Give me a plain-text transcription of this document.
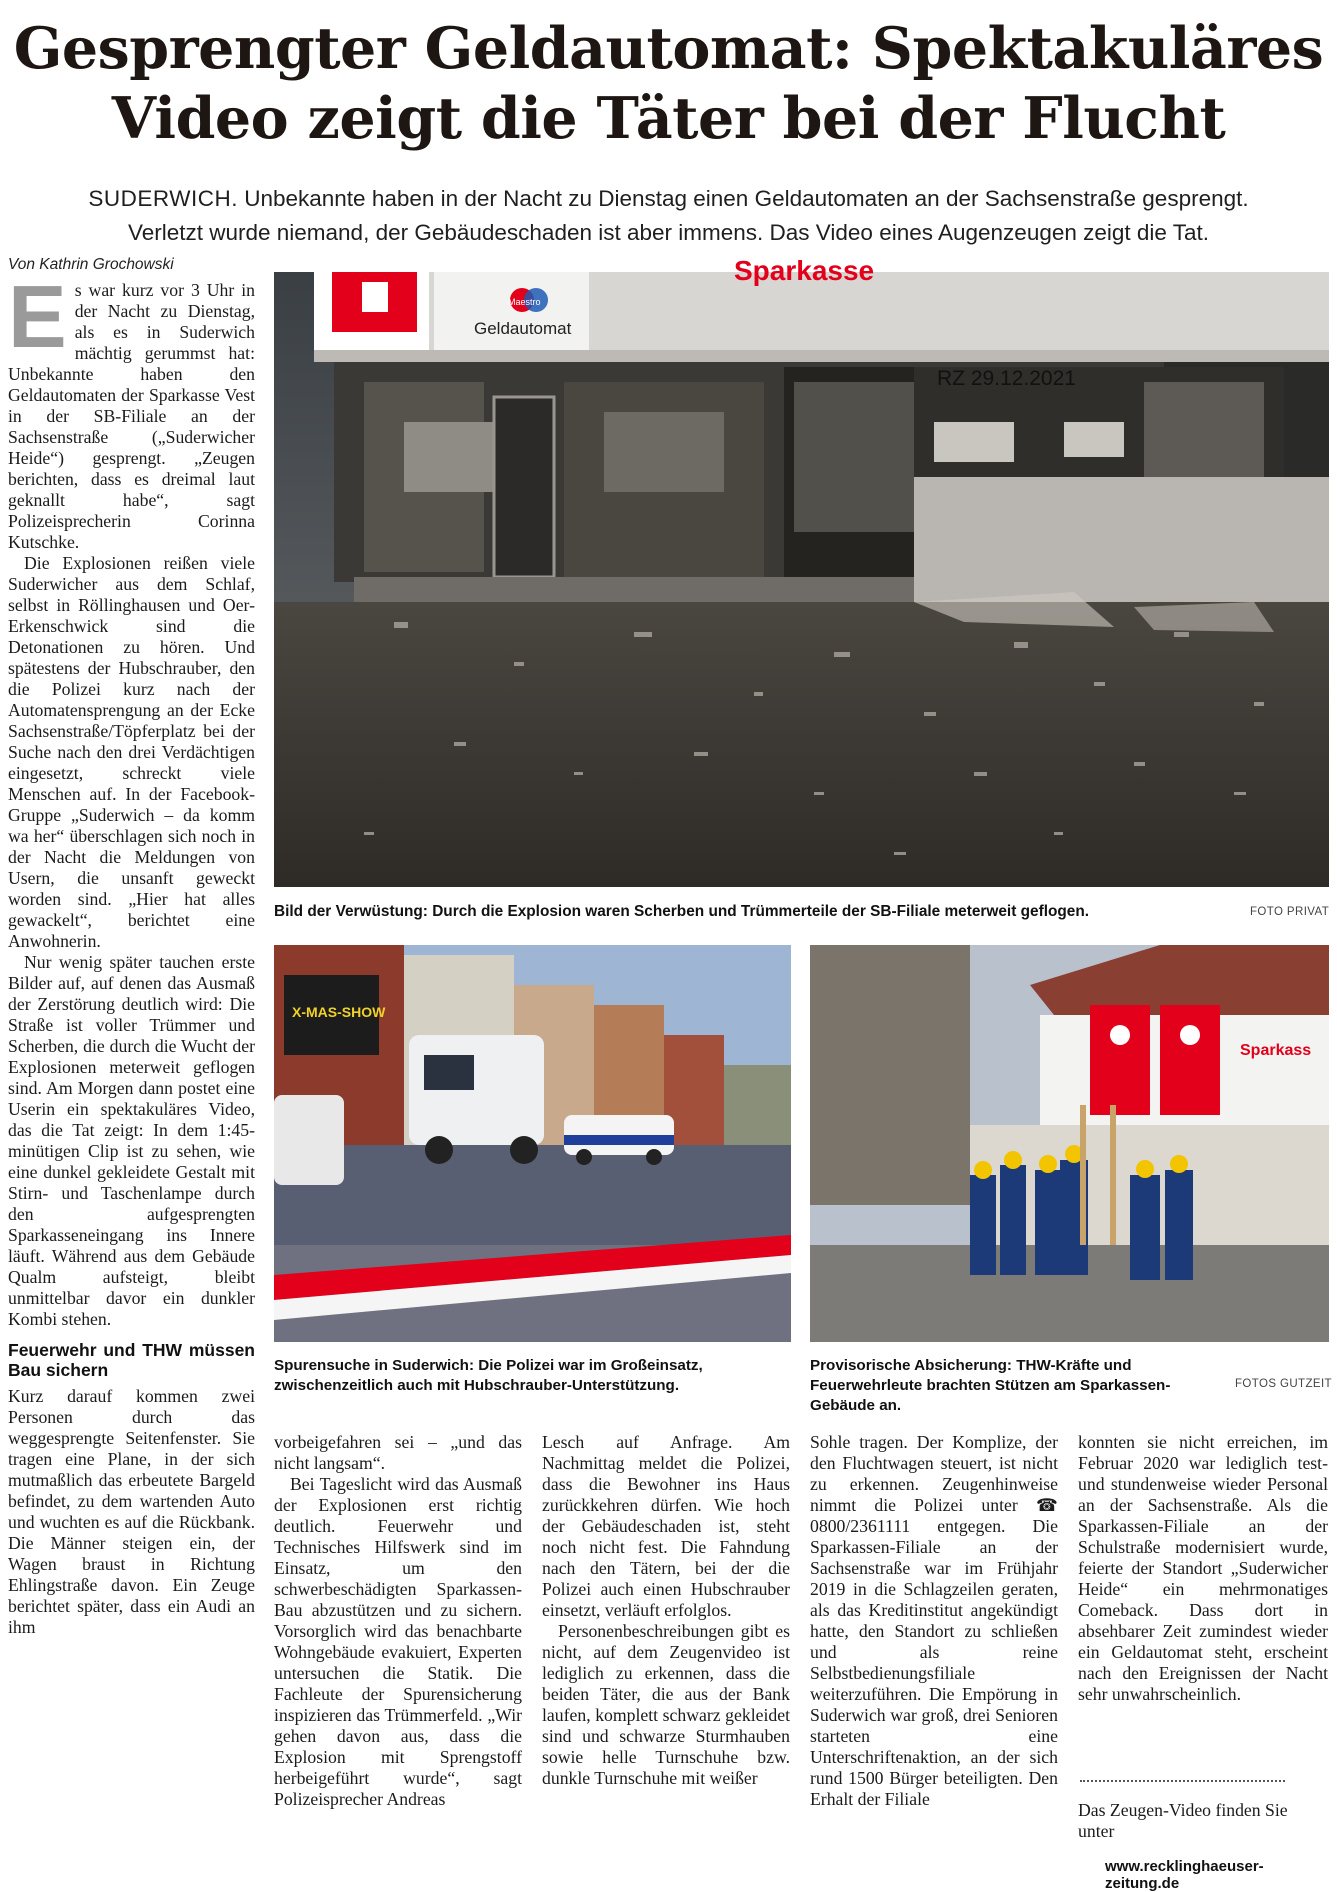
Gesprengter Geldautomat: Spektakuläres
Video zeigt die Täter bei der Flucht
SUDERWICH. Unbekannte haben in der Nacht zu Dienstag einen Geldautomaten an der Sachsenstraße gesprengt.
Verletzt wurde niemand, der Gebäudeschaden ist aber immens. Das Video eines Augenzeugen zeigt die Tat.
Von Kathrin Grochowski
Maestro
Geldautomat
Sparkasse
RZ 29.12.2021
Bild der Verwüstung: Durch die Explosion waren Scherben und Trümmerteile der SB-Filiale meterweit geflogen.	FOTO PRIVAT
X-MAS-SHOW
Spurensuche in Suderwich: Die Polizei war im Großeinsatz, zwischenzeitlich auch mit Hubschrauber-Unterstützung.
Sparkass
Provisorische Absicherung: THW-Kräfte und Feuerwehrleute brachten Stützen am Sparkassen-Gebäude an.
FOTOS GUTZEIT

Es war kurz vor 3 Uhr in der Nacht zu Dienstag, als es in Suderwich mächtig gerummst hat: Unbekannte haben den Geldautomaten der Sparkasse Vest in der SB-Filiale an der Sachsenstraße („Suderwicher Heide“) gesprengt. „Zeugen berichten, dass es dreimal laut geknallt habe“, sagt Polizeisprecherin Corinna Kutschke.

Die Explosionen reißen viele Suderwicher aus dem Schlaf, selbst in Röllinghausen und Oer-Erkenschwick sind die Detonationen zu hören. Und spätestens der Hubschrauber, den die Polizei kurz nach der Automatensprengung an der Ecke Sachsenstraße/Töpferplatz bei der Suche nach den drei Verdächtigen eingesetzt, schreckt viele Menschen auf. In der Facebook-Gruppe „Suderwich – da komm wa her“ überschlagen sich noch in der Nacht die Meldungen von Usern, die unsanft geweckt worden sind. „Hier hat alles gewackelt“, berichtet eine Anwohnerin.

Nur wenig später tauchen erste Bilder auf, auf denen das Ausmaß der Zerstörung deutlich wird: Die Straße ist voller Trümmer und Scherben, die durch die Wucht der Explosionen meterweit geflogen sind. Am Morgen dann postet eine Userin ein spektakuläres Video, das die Tat zeigt: In dem 1:45-minütigen Clip ist zu sehen, wie eine dunkel gekleidete Gestalt mit Stirn- und Taschenlampe durch den aufgesprengten Sparkasseneingang ins Innere läuft. Während aus dem Gebäude Qualm aufsteigt, bleibt unmittelbar davor ein dunkler Kombi stehen.

Feuerwehr und THW müssen Bau sichern

Kurz darauf kommen zwei Personen durch das weggesprengte Seitenfenster. Sie tragen eine Plane, in der sich mutmaßlich das erbeutete Bargeld befindet, zu dem wartenden Auto und wuchten es auf die Rückbank. Die Männer steigen ein, der Wagen braust in Richtung Ehlingstraße davon. Ein Zeuge berichtet später, dass ein Audi an ihm

vorbeigefahren sei – „und das nicht langsam“.

Bei Tageslicht wird das Ausmaß der Explosionen erst richtig deutlich. Feuerwehr und Technisches Hilfswerk sind im Einsatz, um den schwerbeschädigten Sparkassen-Bau abzustützen und zu sichern. Vorsorglich wird das benachbarte Wohngebäude evakuiert, Experten untersuchen die Statik. Die Fachleute der Spurensicherung inspizieren das Trümmerfeld. „Wir gehen davon aus, dass die Explosion mit Sprengstoff herbeigeführt wurde“, sagt Polizeisprecher Andreas

Lesch auf Anfrage. Am Nachmittag meldet die Polizei, dass die Bewohner ins Haus zurückkehren dürfen. Wie hoch der Gebäudeschaden ist, steht noch nicht fest. Die Fahndung nach den Tätern, bei der die Polizei auch einen Hubschrauber einsetzt, verläuft erfolglos.

Personenbeschreibungen gibt es nicht, auf dem Zeugenvideo ist lediglich zu erkennen, dass die beiden Täter, die aus der Bank laufen, komplett schwarz gekleidet sind und schwarze Sturmhauben sowie helle Turnschuhe bzw. dunkle Turnschuhe mit weißer

Sohle tragen. Der Komplize, der den Fluchtwagen steuert, ist nicht zu erkennen. Zeugenhinweise nimmt die Polizei unter ☎ 0800/2361111 entgegen. Die Sparkassen-Filiale an der Sachsenstraße war im Frühjahr 2019 in die Schlagzeilen geraten, als das Kreditinstitut angekündigt hatte, den Standort zu schließen und als reine Selbstbedienungsfiliale weiterzuführen. Die Empörung in Suderwich war groß, drei Senioren starteten eine Unterschriftenaktion, an der sich rund 1500 Bürger beteiligten. Den Erhalt der Filiale

konnten sie nicht erreichen, im Februar 2020 war lediglich test- und stundenweise wieder Personal an der Sachsenstraße. Als die Sparkassen-Filiale an der Schulstraße modernisiert wurde, feierte der Standort „Suderwicher Heide“ ein mehrmonatiges Comeback. Dass dort in absehbarer Zeit zumindest wieder ein Geldautomat steht, erscheint nach den Ereignissen der Nacht sehr unwahrscheinlich.

Das Zeugen-Video finden Sie unter
www.recklinghaeuser-zeitung.de
